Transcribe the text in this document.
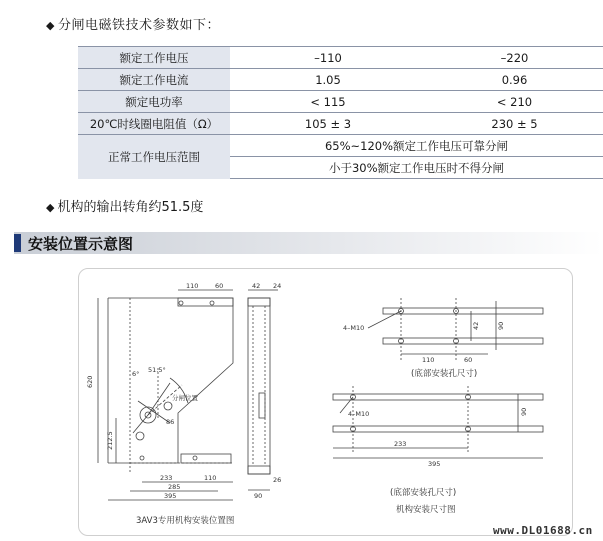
◆ 分闸电磁铁技术参数如下：
额定工作电压	–110	–220
额定工作电流	1.05	0.96
额定电功率	< 115	< 210
20℃时线圈电阻值（Ω）	105 ± 3	230 ± 5
正常工作电压范围	65%~120%额定工作电压可靠分闸	
	小于30%额定工作电压时不得分闸	
◆ 机构的输出转角约51.5度
安装位置示意图
110	60
620
212.5
233	110
285
395
51.5°
6°
分闸位置
86
3AV3专用机构安装位置图
42 24
90
26
4–M10	42	90
110	60
(底部安装孔尺寸)
4–M10	90
233
395
(底部安装孔尺寸)
机构安装尺寸图
www.DL01688.cn
